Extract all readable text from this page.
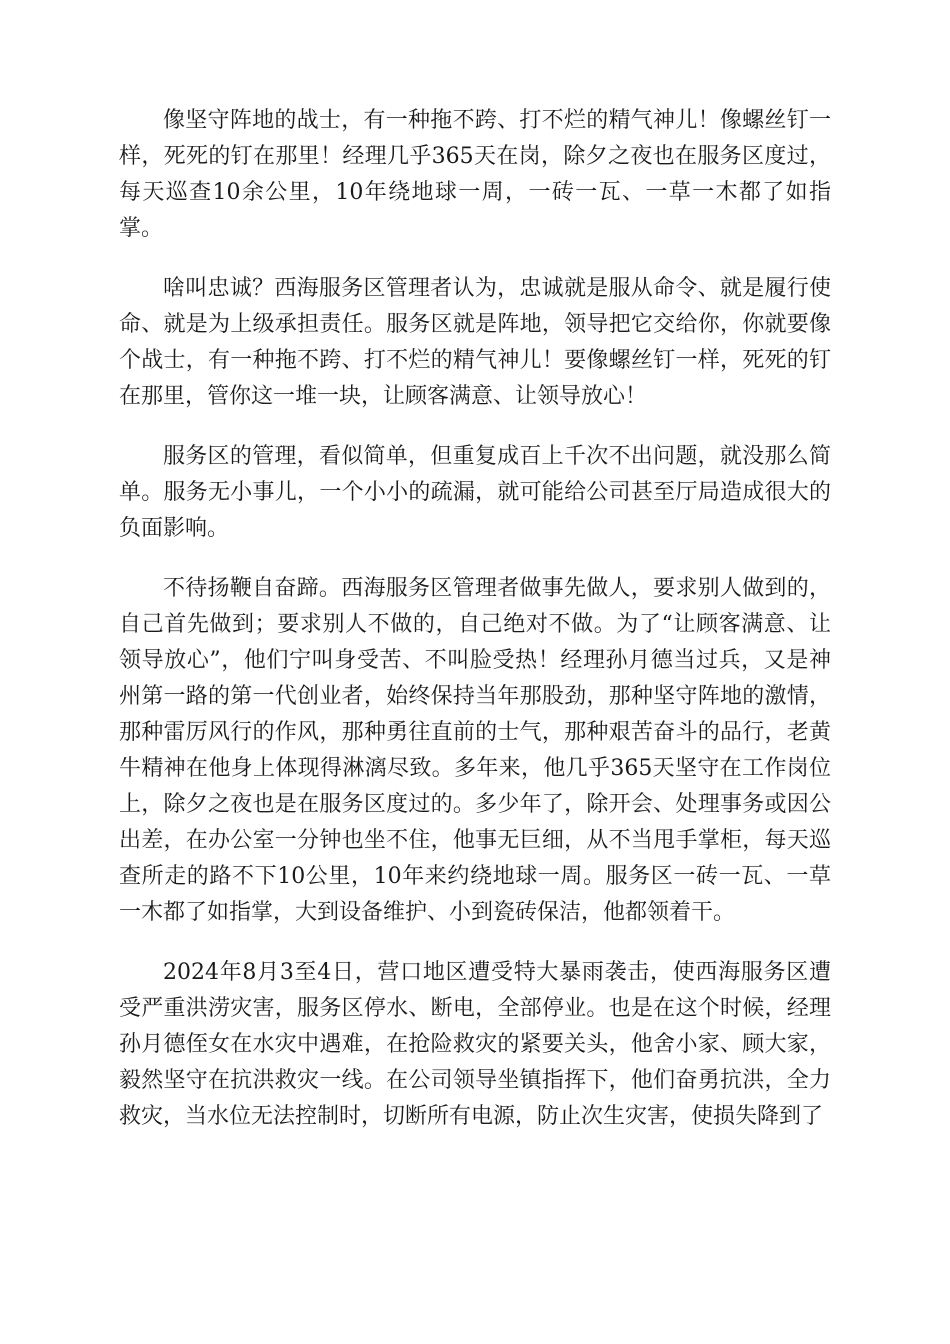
像坚守阵地的战士，有一种拖不跨、打不烂的精气神儿！像螺丝钉一样，死死的钉在那里！经理几乎365天在岗，除夕之夜也在服务区度过，每天巡查10余公里，10年绕地球一周，一砖一瓦、一草一木都了如指掌。

啥叫忠诚？西海服务区管理者认为，忠诚就是服从命令、就是履行使命、就是为上级承担责任。服务区就是阵地，领导把它交给你，你就要像个战士，有一种拖不跨、打不烂的精气神儿！要像螺丝钉一样，死死的钉在那里，管你这一堆一块，让顾客满意、让领导放心！

服务区的管理，看似简单，但重复成百上千次不出问题，就没那么简单。服务无小事儿，一个小小的疏漏，就可能给公司甚至厅局造成很大的负面影响。

不待扬鞭自奋蹄。西海服务区管理者做事先做人，要求别人做到的，自己首先做到；要求别人不做的，自己绝对不做。为了“让顾客满意、让领导放心”，他们宁叫身受苦、不叫脸受热！经理孙月德当过兵，又是神州第一路的第一代创业者，始终保持当年那股劲，那种坚守阵地的激情，那种雷厉风行的作风，那种勇往直前的士气，那种艰苦奋斗的品行，老黄牛精神在他身上体现得淋漓尽致。多年来，他几乎365天坚守在工作岗位上，除夕之夜也是在服务区度过的。多少年了，除开会、处理事务或因公出差，在办公室一分钟也坐不住，他事无巨细，从不当甩手掌柜，每天巡查所走的路不下10公里，10年来约绕地球一周。服务区一砖一瓦、一草一木都了如指掌，大到设备维护、小到瓷砖保洁，他都领着干。

2024年8月3至4日，营口地区遭受特大暴雨袭击，使西海服务区遭受严重洪涝灾害，服务区停水、断电，全部停业。也是在这个时候，经理孙月德侄女在水灾中遇难，在抢险救灾的紧要关头，他舍小家、顾大家，毅然坚守在抗洪救灾一线。在公司领导坐镇指挥下，他们奋勇抗洪，全力救灾，当水位无法控制时，切断所有电源，防止次生灾害，使损失降到了
